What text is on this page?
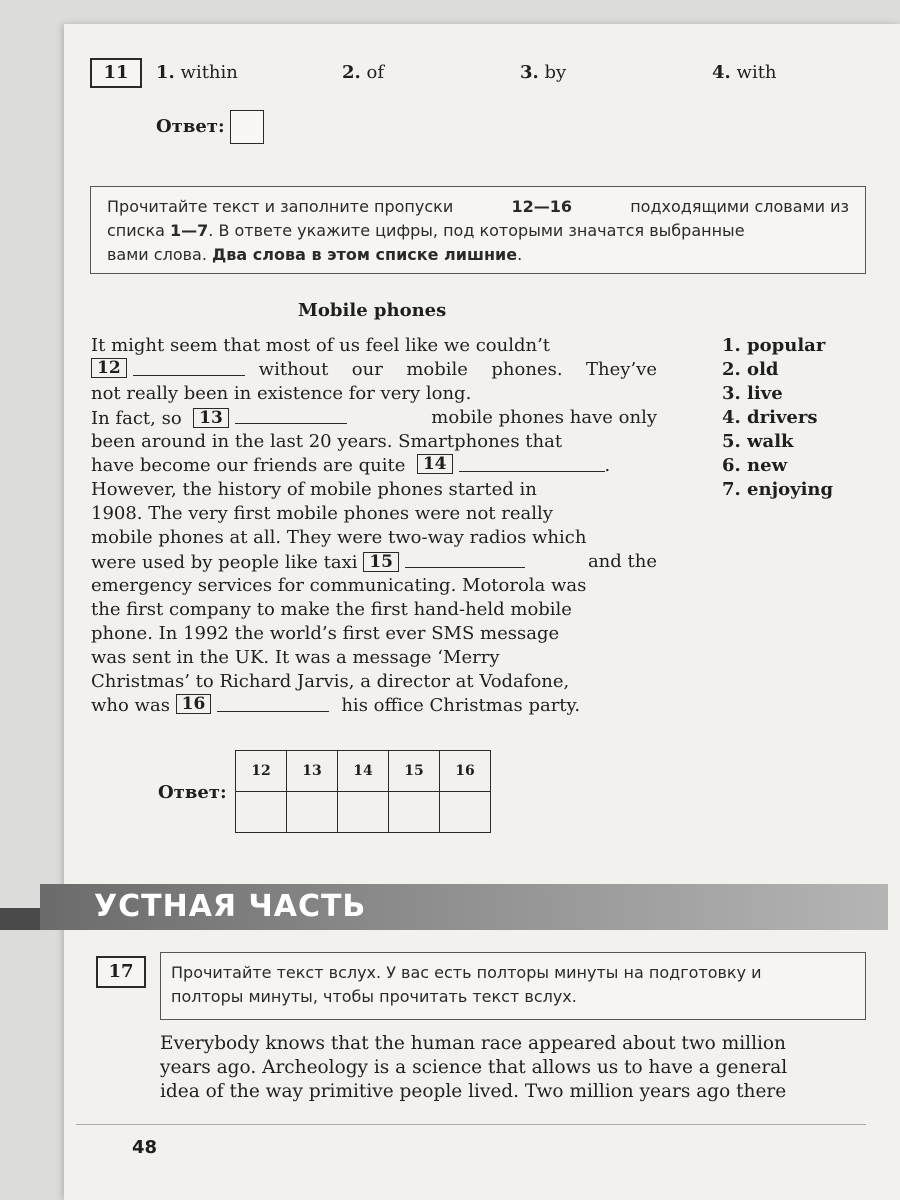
11	1. within	2. of	3. by	4. with
Ответ:
Прочитайте текст и заполните пропуски	12—16	подходящими словами из
списка 1—7. В ответе укажите цифры, под которыми значатся выбранные
вами слова. Два слова в этом списке лишние.
Mobile phones
It might seem that most of us feel like we couldn’t
12	without our mobile phones. They’ve
not really been in existence for very long.
In fact, so 13	mobile phones have only
been around in the last 20 years. Smartphones that
have become our friends are quite
	14	.
However, the history of mobile phones started in
1908. The very first mobile phones were not really
mobile phones at all. They were two-way radios which
were used by people like taxi 15	and the
emergency services for communicating. Motorola was
the first company to make the first hand-held mobile
phone. In 1992 the world’s first ever SMS message
was sent in the UK. It was a message ‘Merry
Christmas’ to Richard Jarvis, a director at Vodafone,
who was
16	his office Christmas party.
1. popular
2. old
3. live
4. drivers
5. walk
6. new
7. enjoying
Ответ:
12	13	14	15	16

УСТНАЯ ЧАСТЬ
17	Прочитайте текст вслух. У вас есть полторы минуты на подготовку и
полторы минуты, чтобы прочитать текст вслух.
Everybody knows that the human race appeared about two million
years ago. Archeology is a science that allows us to have a general
idea of the way primitive people lived. Two million years ago there
48
